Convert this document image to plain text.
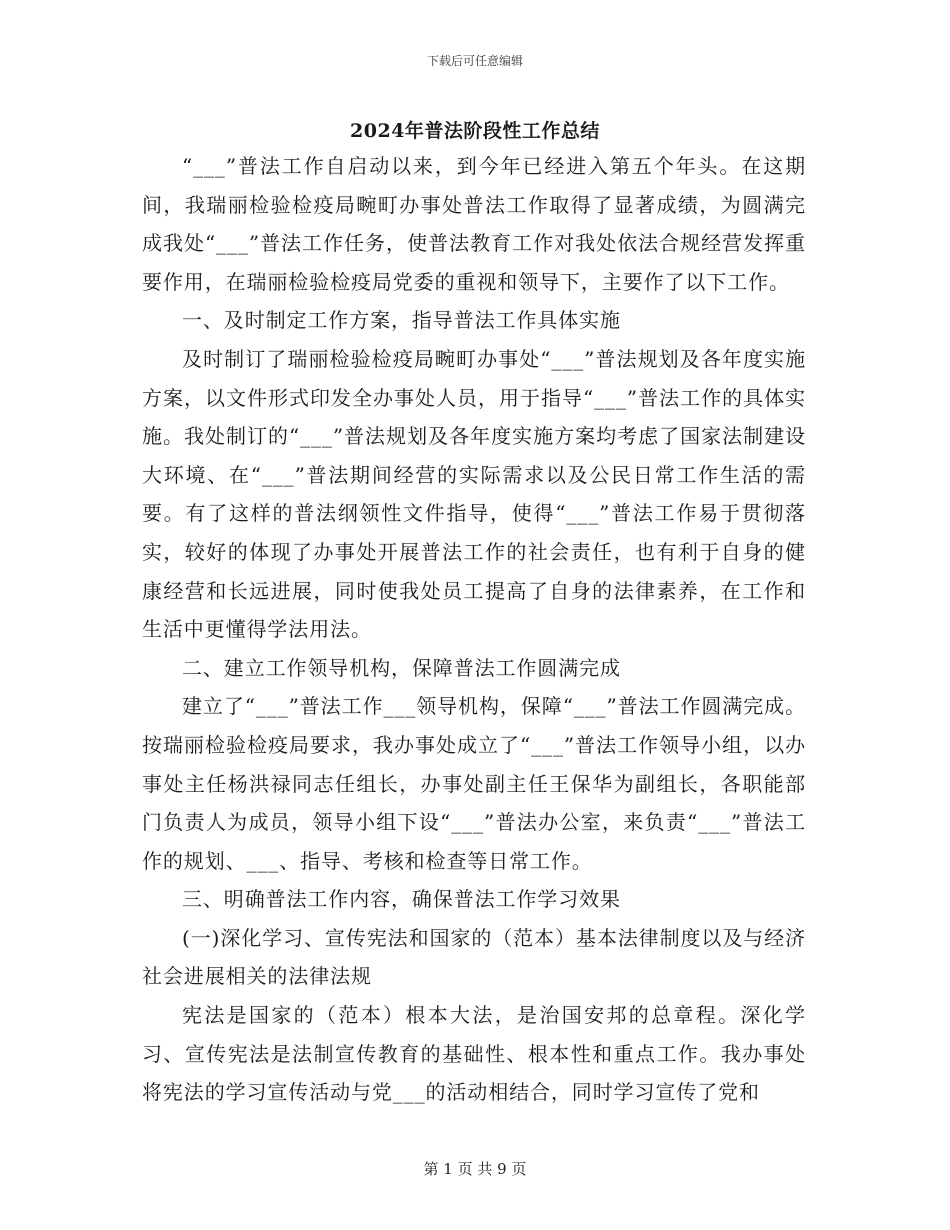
下载后可任意编辑
2024年普法阶段性工作总结

“___”普法工作自启动以来，到今年已经进入第五个年头。在这期间，我瑞丽检验检疫局畹町办事处普法工作取得了显著成绩，为圆满完成我处“___”普法工作任务，使普法教育工作对我处依法合规经营发挥重要作用，在瑞丽检验检疫局党委的重视和领导下，主要作了以下工作。

一、及时制定工作方案，指导普法工作具体实施

及时制订了瑞丽检验检疫局畹町办事处“___”普法规划及各年度实施方案，以文件形式印发全办事处人员，用于指导“___”普法工作的具体实施。我处制订的“___”普法规划及各年度实施方案均考虑了国家法制建设大环境、在“___”普法期间经营的实际需求以及公民日常工作生活的需要。有了这样的普法纲领性文件指导，使得“___”普法工作易于贯彻落实，较好的体现了办事处开展普法工作的社会责任，也有利于自身的健康经营和长远进展，同时使我处员工提高了自身的法律素养，在工作和生活中更懂得学法用法。

二、建立工作领导机构，保障普法工作圆满完成

建立了“___”普法工作___领导机构，保障“___”普法工作圆满完成。按瑞丽检验检疫局要求，我办事处成立了“___”普法工作领导小组，以办事处主任杨洪禄同志任组长，办事处副主任王保华为副组长，各职能部门负责人为成员，领导小组下设“___”普法办公室，来负责“___”普法工作的规划、___、指导、考核和检查等日常工作。

三、明确普法工作内容，确保普法工作学习效果

(一)深化学习、宣传宪法和国家的（范本）基本法律制度以及与经济社会进展相关的法律法规

宪法是国家的（范本）根本大法，是治国安邦的总章程。深化学习、宣传宪法是法制宣传教育的基础性、根本性和重点工作。我办事处将宪法的学习宣传活动与党___的活动相结合，同时学习宣传了党和

第 1 页 共 9 页
